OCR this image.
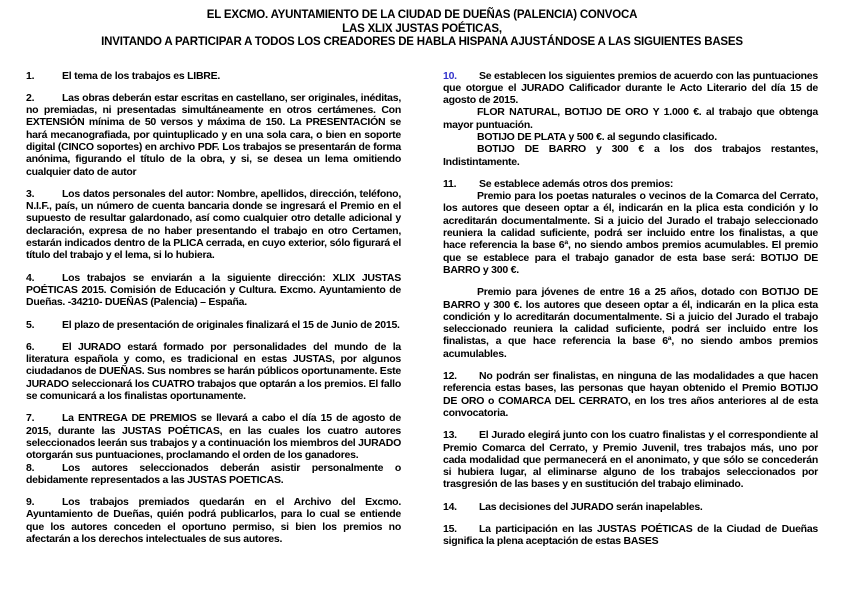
EL EXCMO. AYUNTAMIENTO DE LA CIUDAD DE DUEÑAS (PALENCIA) CONVOCA
LAS XLIX JUSTAS POÉTICAS,
INVITANDO A PARTICIPAR A TODOS LOS CREADORES DE HABLA HISPANA AJUSTÁNDOSE A LAS SIGUIENTES BASES

1.	El tema de los trabajos es LIBRE.

2.	Las obras deberán estar escritas en castellano, ser originales, inéditas, no premiadas, ni presentadas simultáneamente en otros certámenes. Con EXTENSIÓN mínima de 50 versos y máxima de 150. La PRESENTACIÓN se hará mecanografiada, por quintuplicado y en una sola cara, o bien en soporte digital (CINCO soportes) en archivo PDF. Los trabajos se presentarán de forma anónima, figurando el título de la obra, y si, se desea un lema omitiendo cualquier dato de autor

3.	Los datos personales del autor: Nombre, apellidos, dirección, teléfono, N.I.F., país, un número de cuenta bancaria donde se ingresará el Premio en el supuesto de resultar galardonado, así como cualquier otro detalle adicional y declaración, expresa de no haber presentando el trabajo en otro Certamen, estarán indicados dentro de la PLICA cerrada, en cuyo exterior, sólo figurará el título del trabajo y el lema, si lo hubiera.

4.	Los trabajos se enviarán a la siguiente dirección: XLIX JUSTAS POÉTICAS 2015. Comisión de Educación y Cultura. Excmo. Ayuntamiento de Dueñas. -34210- DUEÑAS (Palencia) – España.

5.	El plazo de presentación de originales finalizará el 15 de Junio de 2015.

6.	El JURADO estará formado por personalidades del mundo de la literatura española y como, es tradicional en estas JUSTAS, por algunos ciudadanos de DUEÑAS. Sus nombres se harán públicos oportunamente. Este JURADO seleccionará los CUATRO trabajos que optarán a los premios. El fallo se comunicará a los finalistas oportunamente.

7.	La ENTREGA DE PREMIOS se llevará a cabo el día 15 de agosto de 2015, durante las JUSTAS POÉTICAS, en las cuales los cuatro autores seleccionados leerán sus trabajos y a continuación los miembros del JURADO otorgarán sus puntuaciones, proclamando el orden de los ganadores.

8.	Los autores seleccionados deberán asistir personalmente o debidamente representados a las JUSTAS POETICAS.

9.	Los trabajos premiados quedarán en el Archivo del Excmo. Ayuntamiento de Dueñas, quién podrá publicarlos, para lo cual se entiende que los autores conceden el oportuno permiso, si bien los premios no afectarán a los derechos intelectuales de sus autores.

10. Se establecen los siguientes premios de acuerdo con las puntuaciones que otorgue el JURADO Calificador durante le Acto Literario del día 15 de agosto de 2015.

FLOR NATURAL, BOTIJO DE ORO Y 1.000 €. al trabajo que obtenga mayor puntuación.

BOTIJO DE PLATA y 500 €. al segundo clasificado.

BOTIJO DE BARRO y 300 € a los dos trabajos restantes, Indistintamente.

11. Se establece además otros dos premios:

Premio para los poetas naturales o vecinos de la Comarca del Cerrato, los autores que deseen optar a él, indicarán en la plica esta condición y lo acreditarán documentalmente. Si a juicio del Jurado el trabajo seleccionado reuniera la calidad suficiente, podrá ser incluido entre los finalistas, a que hace referencia la base 6ª, no siendo ambos premios acumulables. El premio que se establece para el trabajo ganador de esta base será: BOTIJO DE BARRO y 300 €.

Premio para jóvenes de entre 16 a 25 años, dotado con BOTIJO DE BARRO y 300 €. los autores que deseen optar a él, indicarán en la plica esta condición y lo acreditarán documentalmente. Si a juicio del Jurado el trabajo seleccionado reuniera la calidad suficiente, podrá ser incluido entre los finalistas, a que hace referencia la base 6ª, no siendo ambos premios acumulables.

12. No podrán ser finalistas, en ninguna de las modalidades a que hacen referencia estas bases, las personas que hayan obtenido el Premio BOTIJO DE ORO o COMARCA DEL CERRATO, en los tres años anteriores al de esta convocatoria.

13. El Jurado elegirá junto con los cuatro finalistas y el correspondiente al Premio Comarca del Cerrato, y Premio Juvenil, tres trabajos más, uno por cada modalidad que permanecerá en el anonimato, y que sólo se concederán si hubiera lugar, al eliminarse alguno de los trabajos seleccionados por trasgresión de las bases y en sustitución del trabajo eliminado.

14. Las decisiones del JURADO serán inapelables.

15. La participación en las JUSTAS POÉTICAS de la Ciudad de Dueñas significa la plena aceptación de estas BASES
